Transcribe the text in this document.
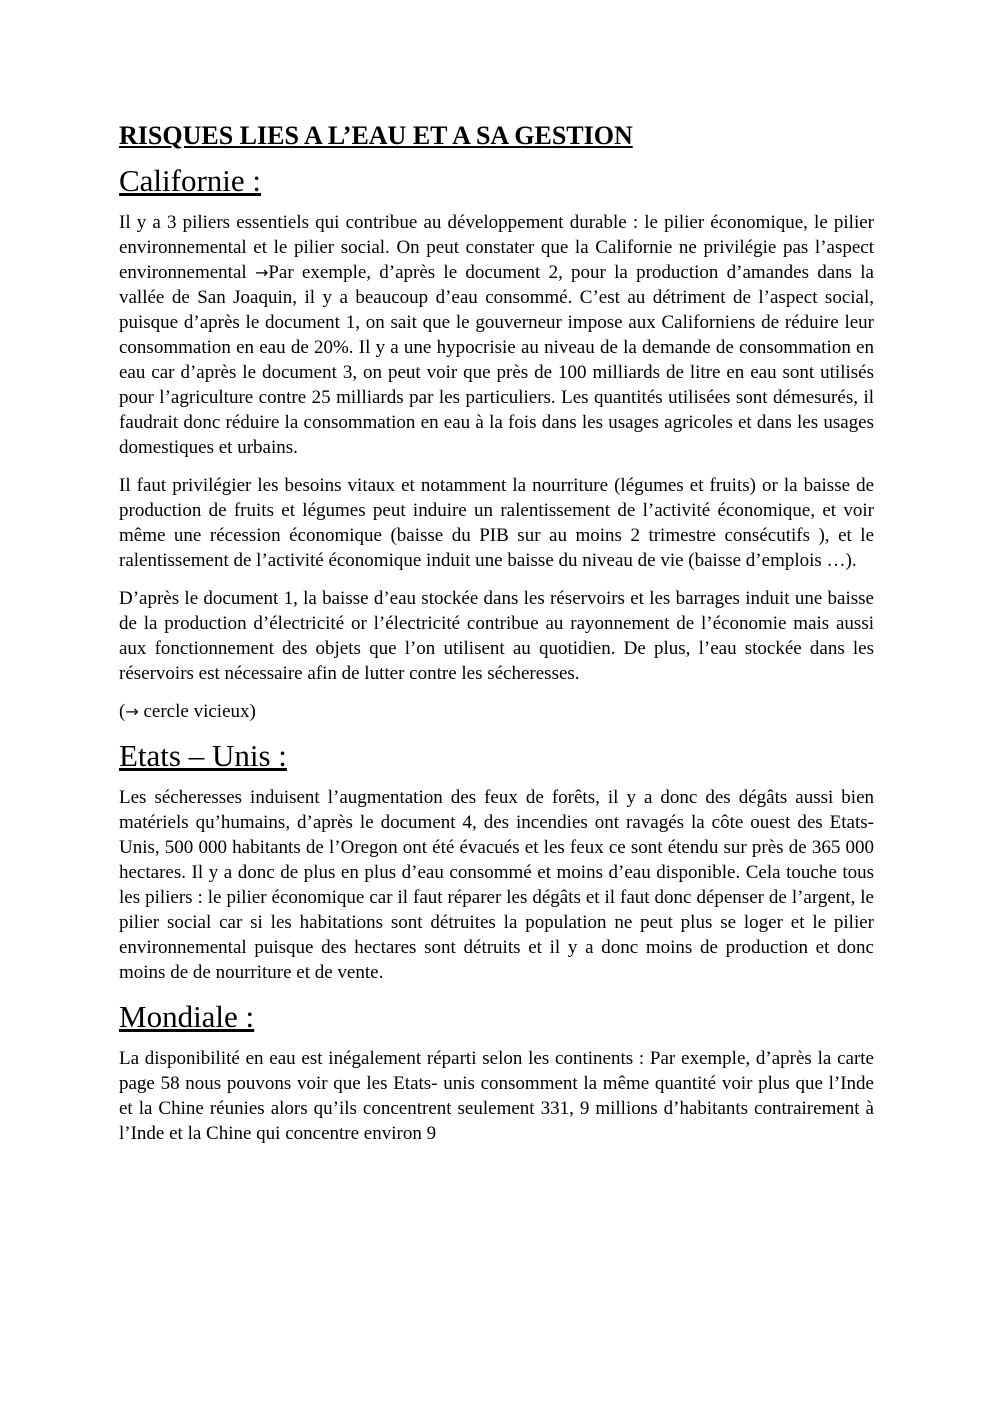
RISQUES LIES A L’EAU ET A SA GESTION
Californie :

Il y a 3 piliers essentiels qui contribue au développement durable : le pilier économique, le pilier environnemental et le pilier social. On peut constater que la Californie ne privilégie pas l’aspect environnemental →Par exemple, d’après le document 2, pour la production d’amandes dans la vallée de San Joaquin, il y a beaucoup d’eau consommé. C’est au détriment de l’aspect social, puisque d’après le document 1, on sait que le gouverneur impose aux Californiens de réduire leur consommation en eau de 20%. Il y a une hypocrisie au niveau de la demande de consommation en eau car d’après le document 3, on peut voir que près de 100 milliards de litre en eau sont utilisés pour l’agriculture contre 25 milliards par les particuliers. Les quantités utilisées sont démesurés, il faudrait donc réduire la consommation en eau à la fois dans les usages agricoles et dans les usages domestiques et urbains.

Il faut privilégier les besoins vitaux et notamment la nourriture (légumes et fruits) or la baisse de production de fruits et légumes peut induire un ralentissement de l’activité économique, et voir même une récession économique (baisse du PIB sur au moins 2 trimestre consécutifs ), et le ralentissement de l’activité économique induit une baisse du niveau de vie (baisse d’emplois …).

D’après le document 1, la baisse d’eau stockée dans les réservoirs et les barrages induit une baisse de la production d’électricité or l’électricité contribue au rayonnement de l’économie mais aussi aux fonctionnement des objets que l’on utilisent au quotidien. De plus, l’eau stockée dans les réservoirs est nécessaire afin de lutter contre les sécheresses.

(→ cercle vicieux)

Etats – Unis :

Les sécheresses induisent l’augmentation des feux de forêts, il y a donc des dégâts aussi bien matériels qu’humains, d’après le document 4, des incendies ont ravagés la côte ouest des Etats-Unis, 500 000 habitants de l’Oregon ont été évacués et les feux ce sont étendu sur près de 365 000 hectares. Il y a donc de plus en plus d’eau consommé et moins d’eau disponible. Cela touche tous les piliers : le pilier économique car il faut réparer les dégâts et il faut donc dépenser de l’argent, le pilier social car si les habitations sont détruites la population ne peut plus se loger et le pilier environnemental puisque des hectares sont détruits et il y a donc moins de production et donc moins de de nourriture et de vente.

Mondiale :

La disponibilité en eau est inégalement réparti selon les continents : Par exemple, d’après la carte page 58 nous pouvons voir que les Etats- unis consomment la même quantité voir plus que l’Inde et la Chine réunies alors qu’ils concentrent seulement 331, 9 millions d’habitants contrairement à l’Inde et la Chine qui concentre environ 9
